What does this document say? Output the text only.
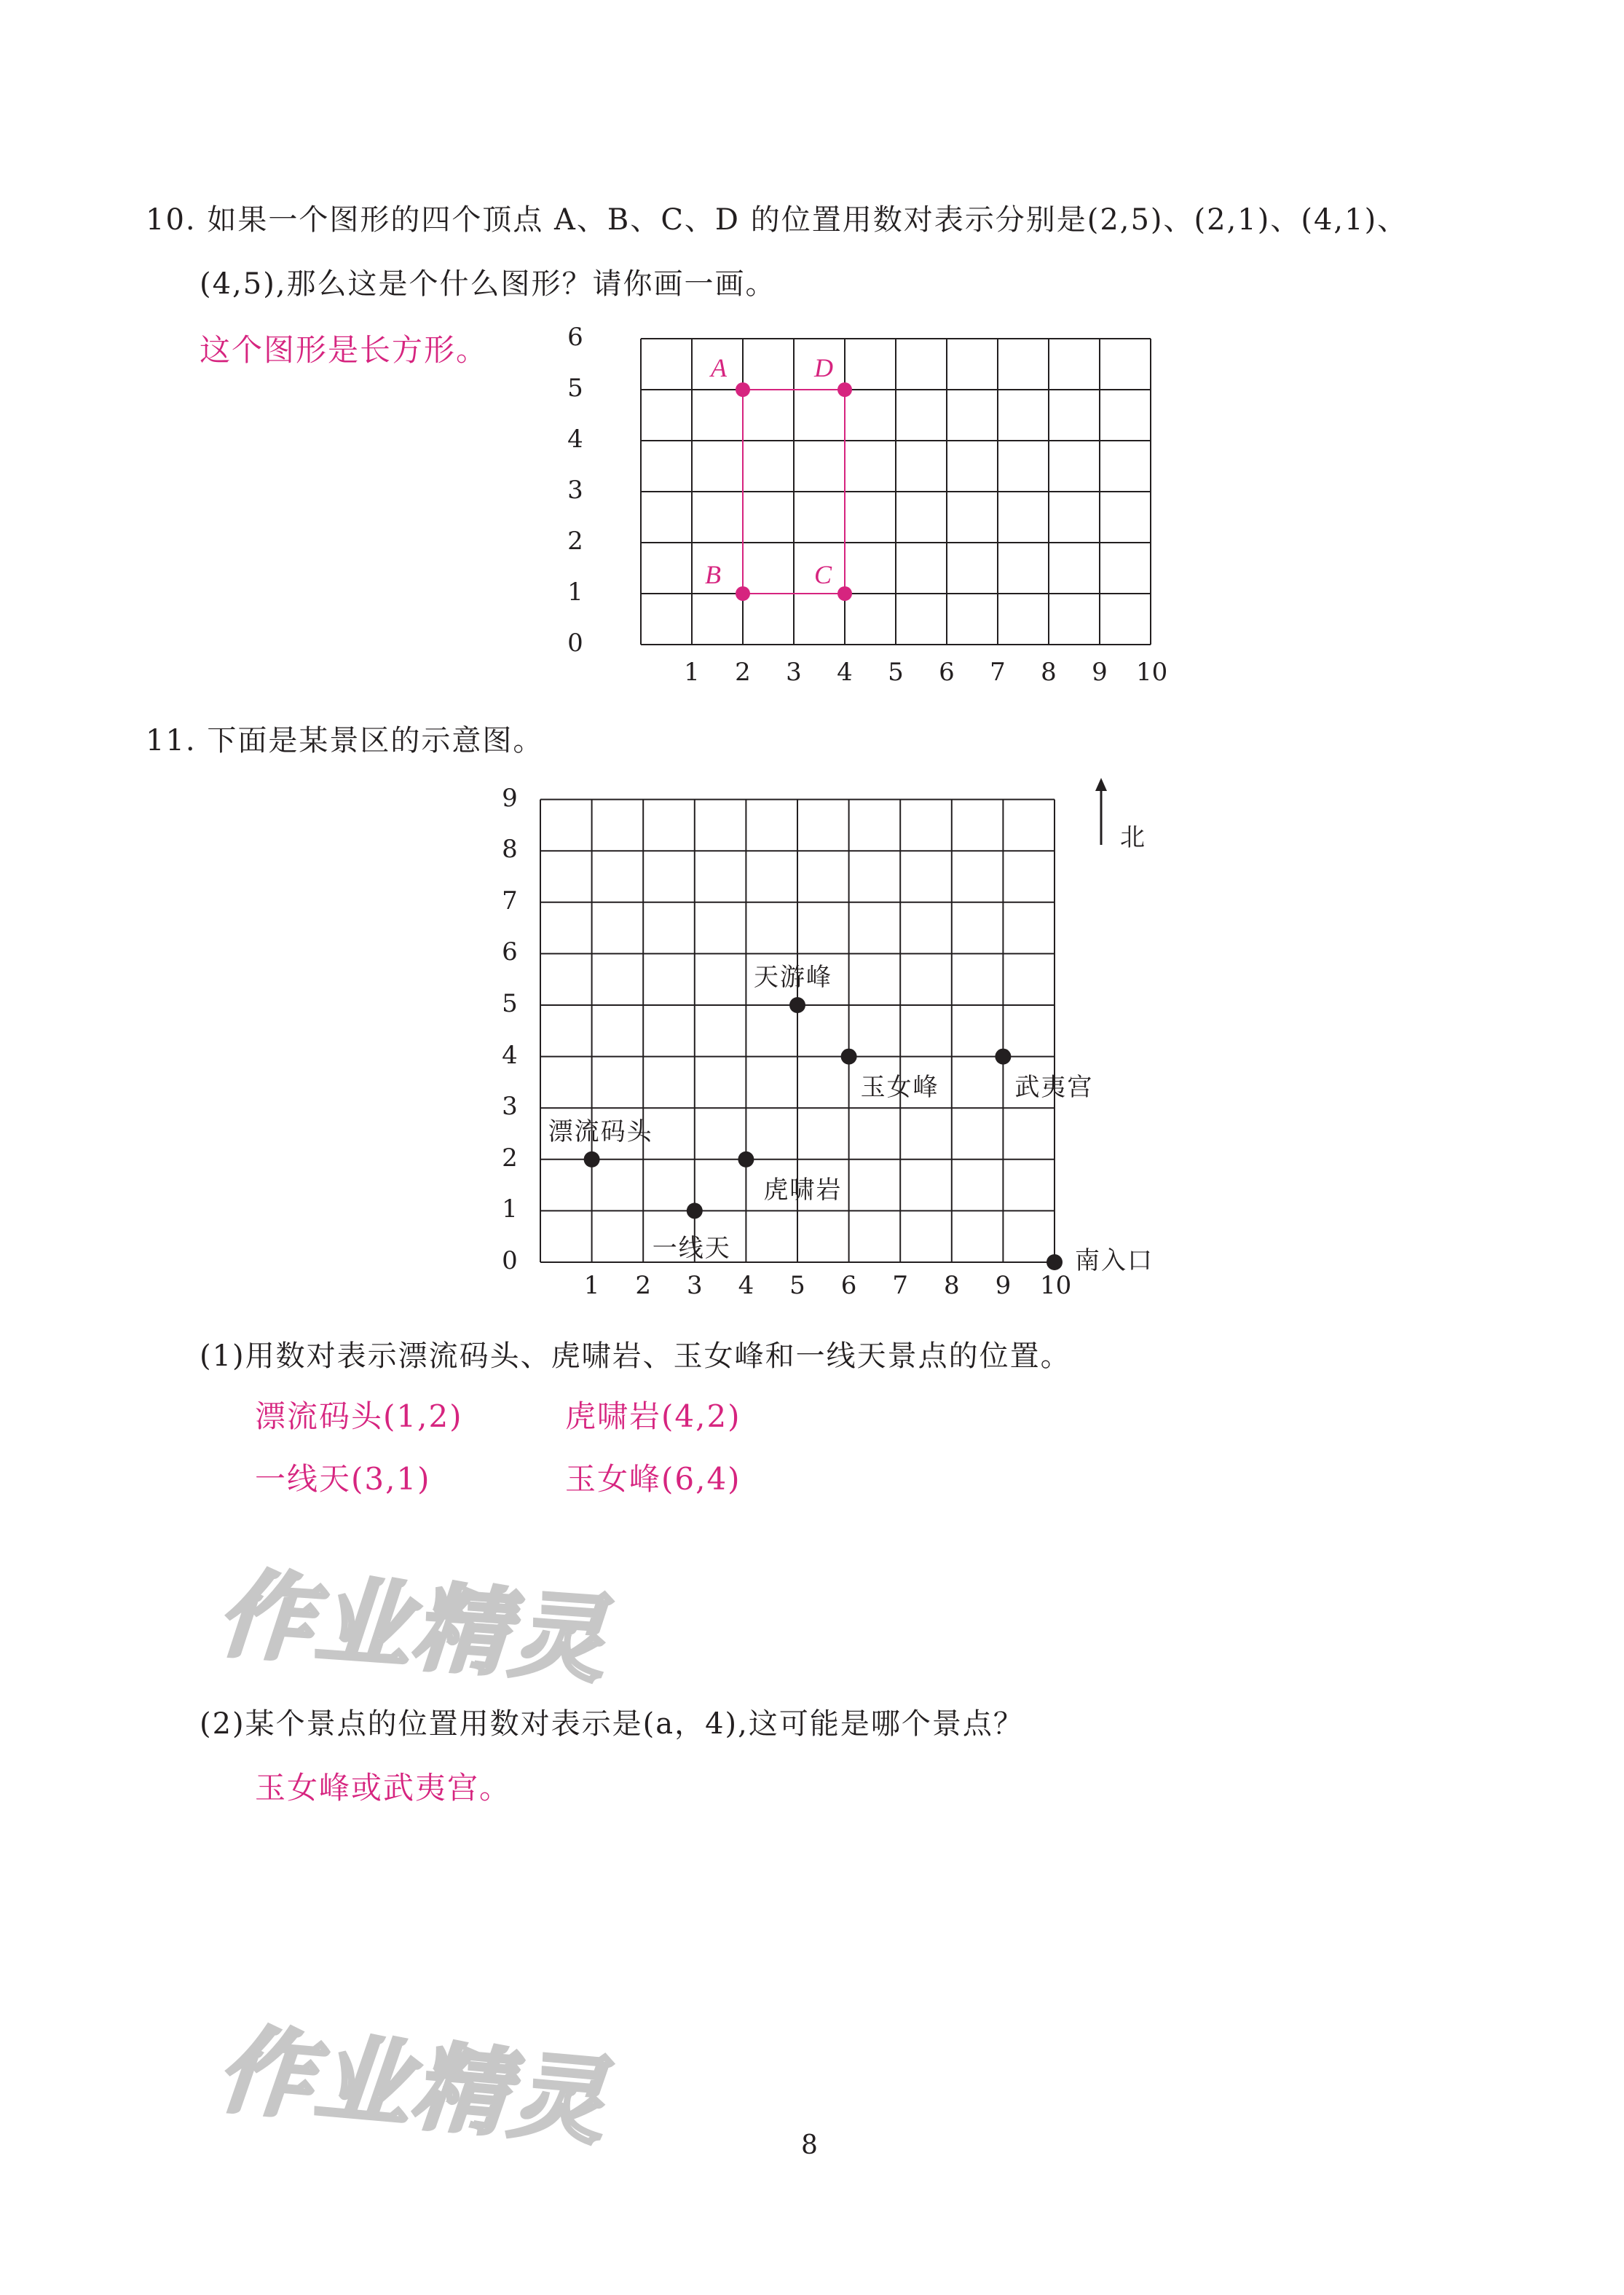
10. 如果一个图形的四个顶点 A、B、C、D 的位置用数对表示分别是(2,5)、(2,1)、(4,1)、
(4,5),那么这是个什么图形？请你画一画。
这个图形是长方形。	A	D
B	C
1 2 3 4 5 6 7 8 9 10
0
1
2
3
4
5
6
11. 下面是某景区的示意图。
北
1 2 3 4 5 6 7 8 9 10
0
1
2
3
4
5
6
7
8
9
天游峰
玉女峰	武夷宫
漂流码头
虎啸岩
一线天	南入口
(1)用数对表示漂流码头、虎啸岩、玉女峰和一线天景点的位置。
漂流码头(1,2)	虎啸岩(4,2)
一线天(3,1)	玉女峰(6,4)
作业精灵
(2)某个景点的位置用数对表示是(a，4),这可能是哪个景点？
玉女峰或武夷宫。
作业精灵	8
